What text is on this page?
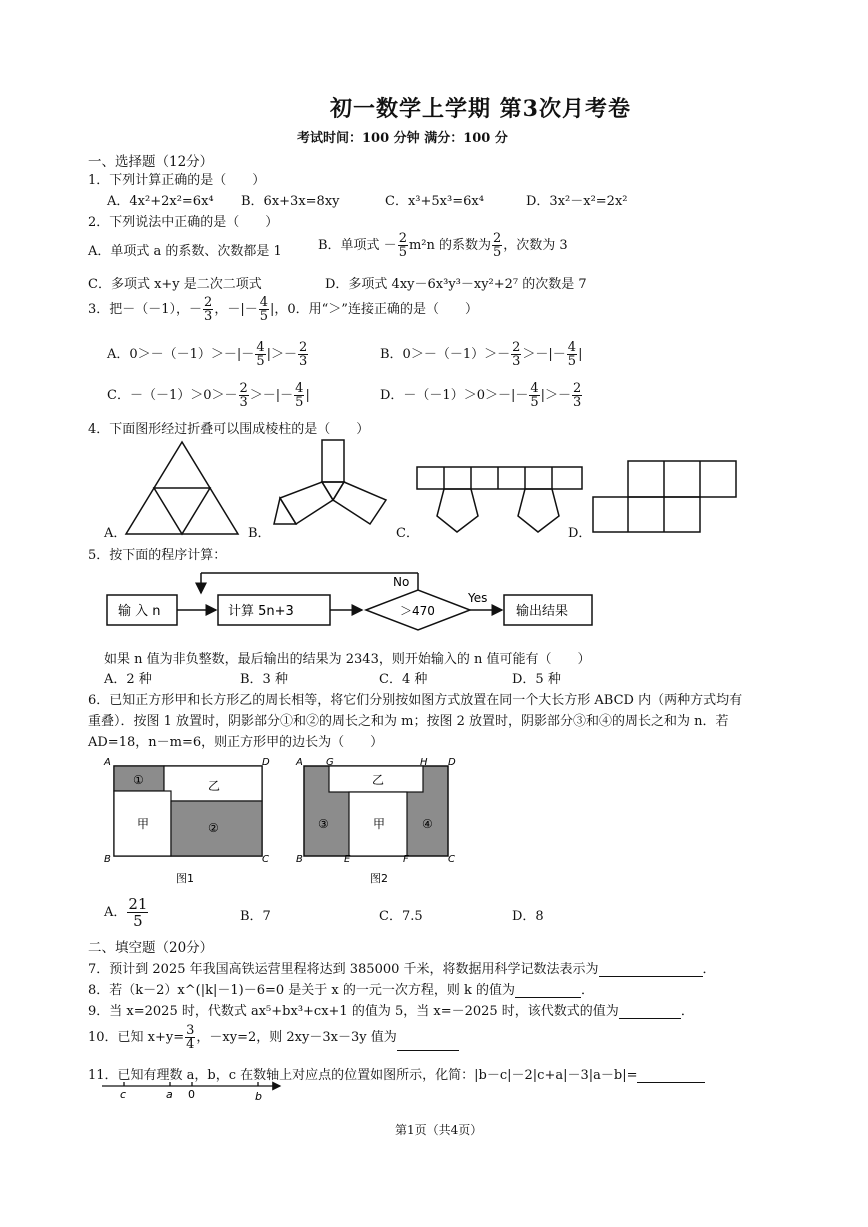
初一数学上学期 第3次月考卷
考试时间：100 分钟 满分：100 分
一、选择题（12分）
1．下列计算正确的是（　　）
A．4x²+2x²=6x⁴ B．6x+3x=8xy	C．x³+5x³=6x⁴	D．3x²－x²=2x²
2．下列说法中正确的是（　　）
A．单项式 a 的系数、次数都是 1	B．单项式 － $\frac{2}{5} m^2n$ 的系数为 $\frac{2}{5}$ ，次数为 3
C．多项式 x+y 是二次二项式	D．多项式 4xy－6x³y³－xy²+2⁷ 的次数是 7
3．把－（－1），－ $\frac{2}{3}$ ，－|－ $\frac{4}{5}$ |，0．用“＞”连接正确的是（　　）
A．$0>-(-1)>-|- \frac{4}{5}$ |＞－ $\frac{2}{3}$	B．$0>-(-1)>- \frac{2}{3}$ ＞－|－ $\frac{4}{5}$ |
C．$-(-1)>0>- \frac{2}{3}$ ＞－|－ $\frac{4}{5}$ |	D．$-(-1)>0>-|- \frac{4}{5}$ |＞－ $\frac{2}{3}$
4．下面图形经过折叠可以围成棱柱的是（　　）
A．	B．	C．	D．
5．按下面的程序计算：
输 入 n	计算 5n+3	＞470
No
Yes
输出结果
如果 n 值为非负整数，最后输出的结果为 2343，则开始输入的 n 值可能有（　　）
A．2 种	B．3 种	C．4 种	D．5 种
6．已知正方形甲和长方形乙的周长相等，将它们分别按如图方式放置在同一个大长方形 ABCD 内（两种方式均有
重叠）．按图 1 放置时，阴影部分①和②的周长之和为 m；按图 2 放置时，阴影部分③和④的周长之和为 n．若
AD=18，n－m=6，则正方形甲的边长为（　　）
A	D
B	C
①	乙
甲	②
图1
A G	H D
B	E	F	C
乙
甲
③	④
图2
A． $\frac{21}{5}$	B．7	C．7.5	D．8
二、填空题（20分）
7．预计到 2025 年我国高铁运营里程将达到 385000 千米，将数据用科学记数法表示为	．
8．若（k－2）x^(|k|－1)－6=0 是关于 x 的一元一次方程，则 k 的值为	．
9．当 x=2025 时，代数式 ax⁵+bx³+cx+1 的值为 5，当 x=－2025 时，该代数式的值为	．
10．已知 $x+y= \frac{3}{4}$ ，－xy=2，则 2xy－3x－3y 值为
11．已知有理数 a，b，c 在数轴上对应点的位置如图所示，化简：|b－c|－2|c+a|－3|a－b|=
c	a 0	b
第1页（共4页）
